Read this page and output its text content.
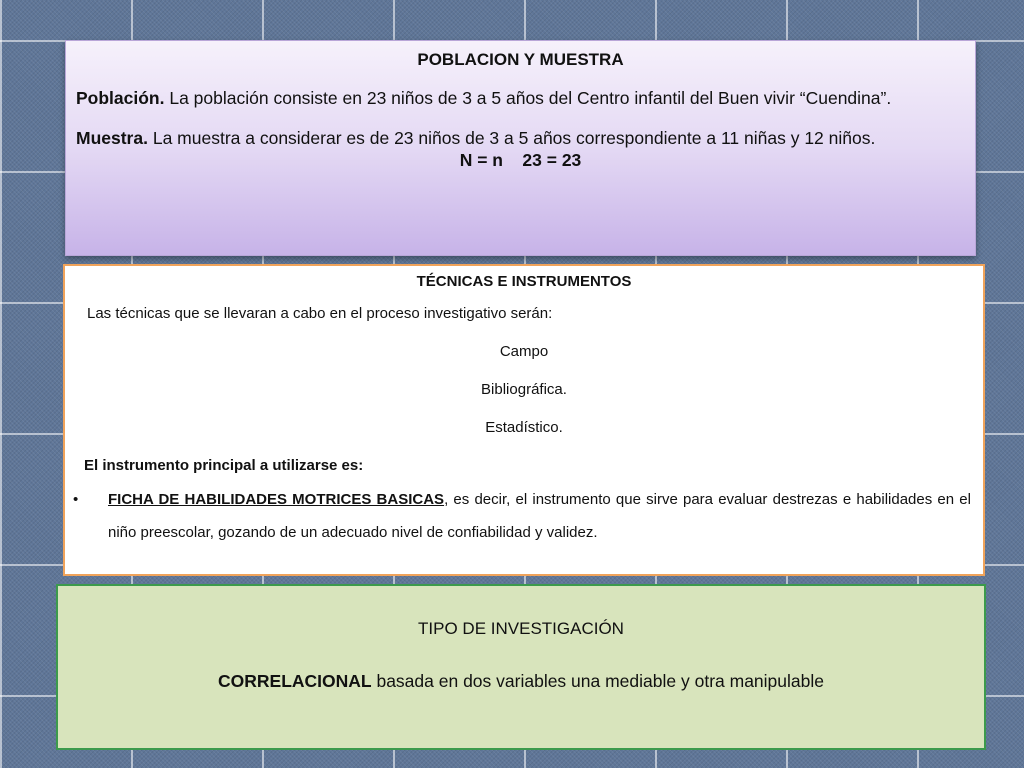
POBLACION Y MUESTRA

Población. La población consiste en 23 niños de 3 a 5 años del Centro infantil del Buen vivir “Cuendina”.

Muestra. La muestra a considerar es de 23 niños de 3 a 5 años correspondiente a 11 niñas y 12 niños.

N = n    23 = 23
TÉCNICAS E INSTRUMENTOS
Las técnicas que se llevaran a cabo en el proceso investigativo serán:
Campo
Bibliográfica.
Estadístico.
El instrumento principal a utilizarse es:
•	FICHA DE HABILIDADES MOTRICES BASICAS, es decir, el instrumento que sirve para evaluar destrezas e habilidades en el niño preescolar, gozando de un adecuado nivel de confiabilidad y validez.
TIPO DE INVESTIGACIÓN

CORRELACIONAL basada en dos variables una mediable y otra manipulable
